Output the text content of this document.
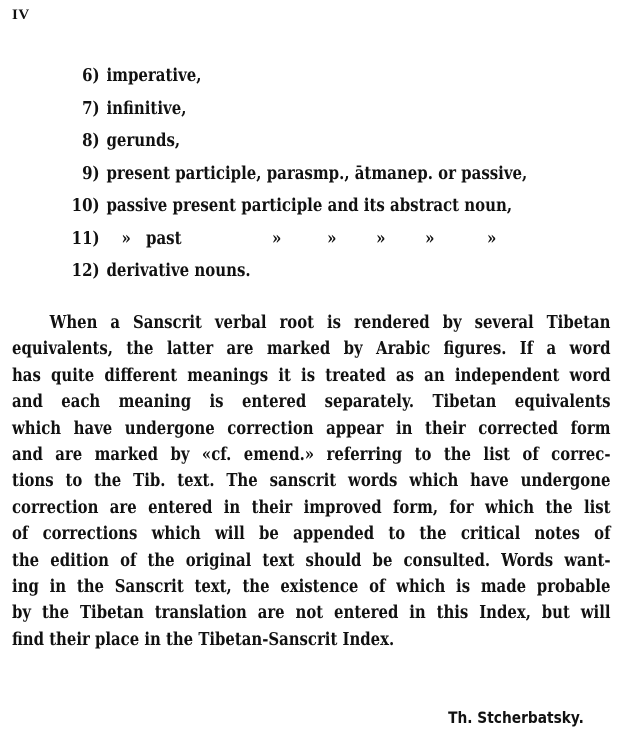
IV
6) imperative,
7) infinitive,
8) gerunds,
9) present participle, parasmp., ātmanep. or passive,
10) passive present participle and its abstract noun,
11) » past	»	» » »	»
12) derivative nouns.
When a Sanscrit verbal root is rendered by several Tibetan
equivalents, the latter are marked by Arabic figures. If a word
has quite different meanings it is treated as an independent word
and each meaning is entered separately. Tibetan equivalents
which have undergone correction appear in their corrected form
and are marked by «cf. emend.» referring to the list of correc-
tions to the Tib. text. The sanscrit words which have undergone
correction are entered in their improved form, for which the list
of corrections which will be appended to the critical notes of
the edition of the original text should be consulted. Words want-
ing in the Sanscrit text, the existence of which is made probable
by the Tibetan translation are not entered in this Index, but will
find their place in the Tibetan-Sanscrit Index.
Th. Stcherbatsky.
